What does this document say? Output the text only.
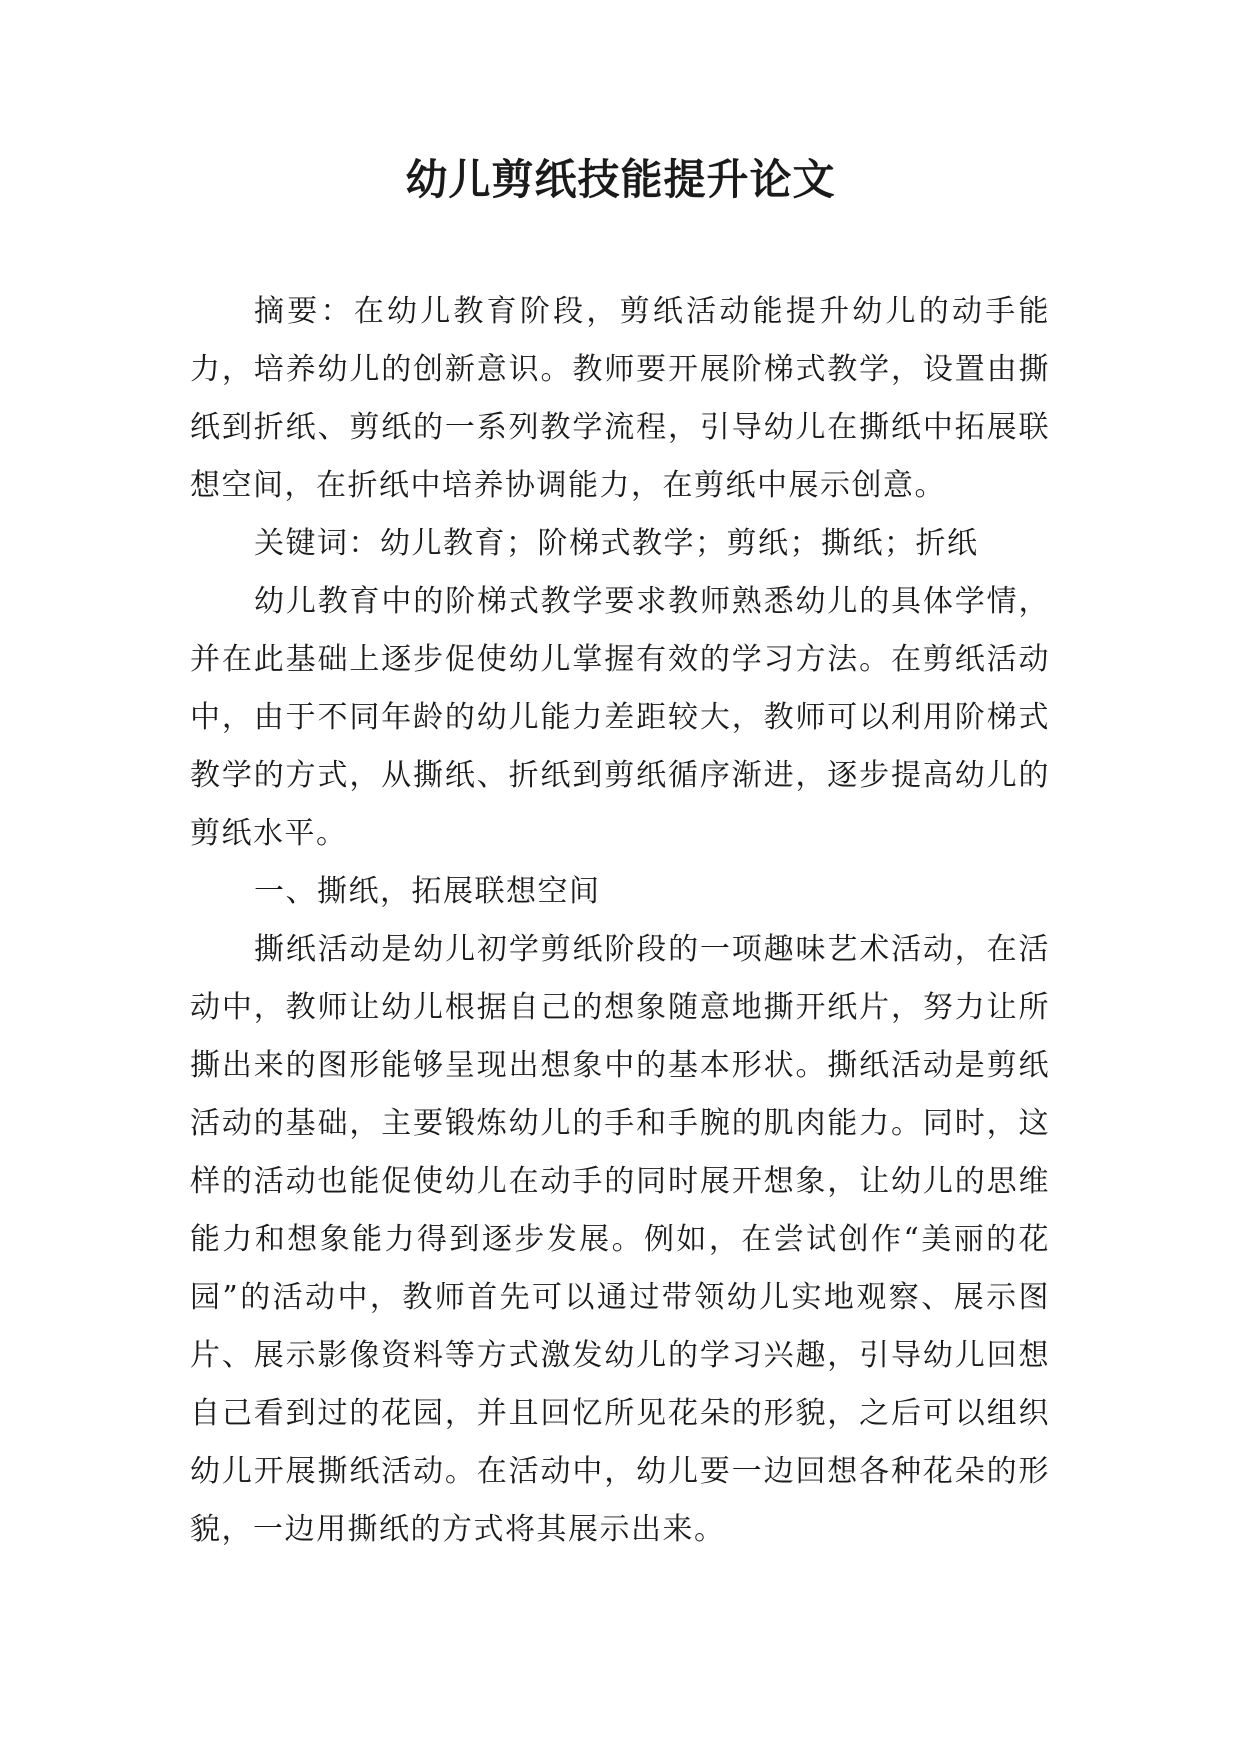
幼儿剪纸技能提升论文

摘要：在幼儿教育阶段，剪纸活动能提升幼儿的动手能力，培养幼儿的创新意识。教师要开展阶梯式教学，设置由撕纸到折纸、剪纸的一系列教学流程，引导幼儿在撕纸中拓展联想空间，在折纸中培养协调能力，在剪纸中展示创意。

关键词：幼儿教育；阶梯式教学；剪纸；撕纸；折纸

幼儿教育中的阶梯式教学要求教师熟悉幼儿的具体学情，并在此基础上逐步促使幼儿掌握有效的学习方法。在剪纸活动中，由于不同年龄的幼儿能力差距较大，教师可以利用阶梯式教学的方式，从撕纸、折纸到剪纸循序渐进，逐步提高幼儿的剪纸水平。

一、撕纸，拓展联想空间

撕纸活动是幼儿初学剪纸阶段的一项趣味艺术活动，在活动中，教师让幼儿根据自己的想象随意地撕开纸片，努力让所撕出来的图形能够呈现出想象中的基本形状。撕纸活动是剪纸活动的基础，主要锻炼幼儿的手和手腕的肌肉能力。同时，这样的活动也能促使幼儿在动手的同时展开想象，让幼儿的思维能力和想象能力得到逐步发展。例如，在尝试创作“美丽的花园”的活动中，教师首先可以通过带领幼儿实地观察、展示图片、展示影像资料等方式激发幼儿的学习兴趣，引导幼儿回想自己看到过的花园，并且回忆所见花朵的形貌，之后可以组织幼儿开展撕纸活动。在活动中，幼儿要一边回想各种花朵的形貌，一边用撕纸的方式将其展示出来。
